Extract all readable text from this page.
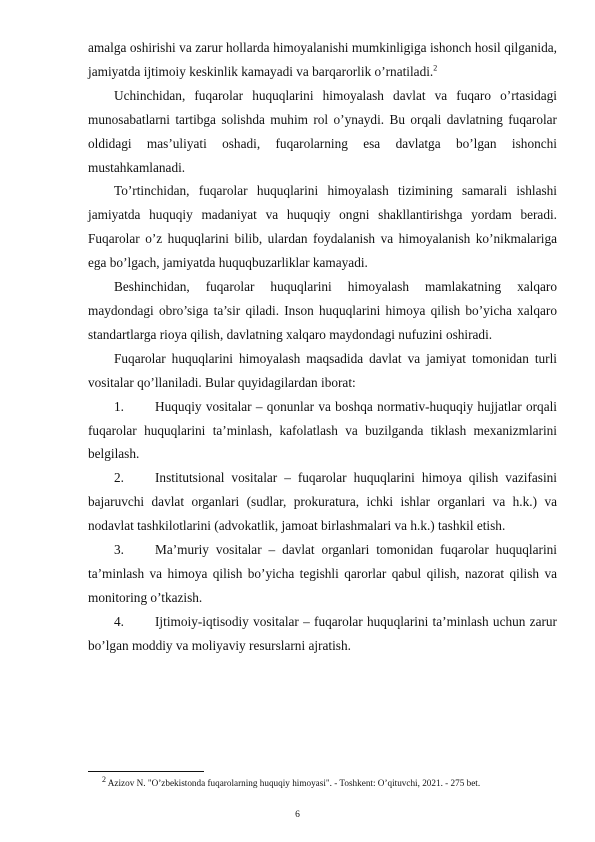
amalga oshirishi va zarur hollarda himoyalanishi mumkinligiga ishonch hosil qilganida, jamiyatda ijtimoiy keskinlik kamayadi va barqarorlik o’rnatiladi.$^2$

Uchinchidan, fuqarolar huquqlarini himoyalash davlat va fuqaro o’rtasidagi munosabatlarni tartibga solishda muhim rol o’ynaydi. Bu orqali davlatning fuqarolar oldidagi mas’uliyati oshadi, fuqarolarning esa davlatga bo’lgan ishonchi mustahkamlanadi.

To’rtinchidan, fuqarolar huquqlarini himoyalash tizimining samarali ishlashi jamiyatda huquqiy madaniyat va huquqiy ongni shakllantirishga yordam beradi. Fuqarolar o’z huquqlarini bilib, ulardan foydalanish va himoyalanish ko’nikmalariga ega bo’lgach, jamiyatda huquqbuzarliklar kamayadi.

Beshinchidan, fuqarolar huquqlarini himoyalash mamlakatning xalqaro maydondagi obro’siga ta’sir qiladi. Inson huquqlarini himoya qilish bo’yicha xalqaro standartlarga rioya qilish, davlatning xalqaro maydondagi nufuzini oshiradi.

Fuqarolar huquqlarini himoyalash maqsadida davlat va jamiyat tomonidan turli vositalar qo’llaniladi. Bular quyidagilardan iborat:

1. Huquqiy vositalar – qonunlar va boshqa normativ-huquqiy hujjatlar orqali fuqarolar huquqlarini ta’minlash, kafolatlash va buzilganda tiklash mexanizmlarini belgilash.

2. Institutsional vositalar – fuqarolar huquqlarini himoya qilish vazifasini bajaruvchi davlat organlari (sudlar, prokuratura, ichki ishlar organlari va h.k.) va nodavlat tashkilotlarini (advokatlik, jamoat birlashmalari va h.k.) tashkil etish.

3. Ma’muriy vositalar – davlat organlari tomonidan fuqarolar huquqlarini ta’minlash va himoya qilish bo’yicha tegishli qarorlar qabul qilish, nazorat qilish va monitoring o’tkazish.

4. Ijtimoiy-iqtisodiy vositalar – fuqarolar huquqlarini ta’minlash uchun zarur bo’lgan moddiy va moliyaviy resurslarni ajratish.

$^2$ Azizov N. "O’zbekistonda fuqarolarning huquqiy himoyasi". - Toshkent: O’qituvchi, 2021. - 275 bet.
6
